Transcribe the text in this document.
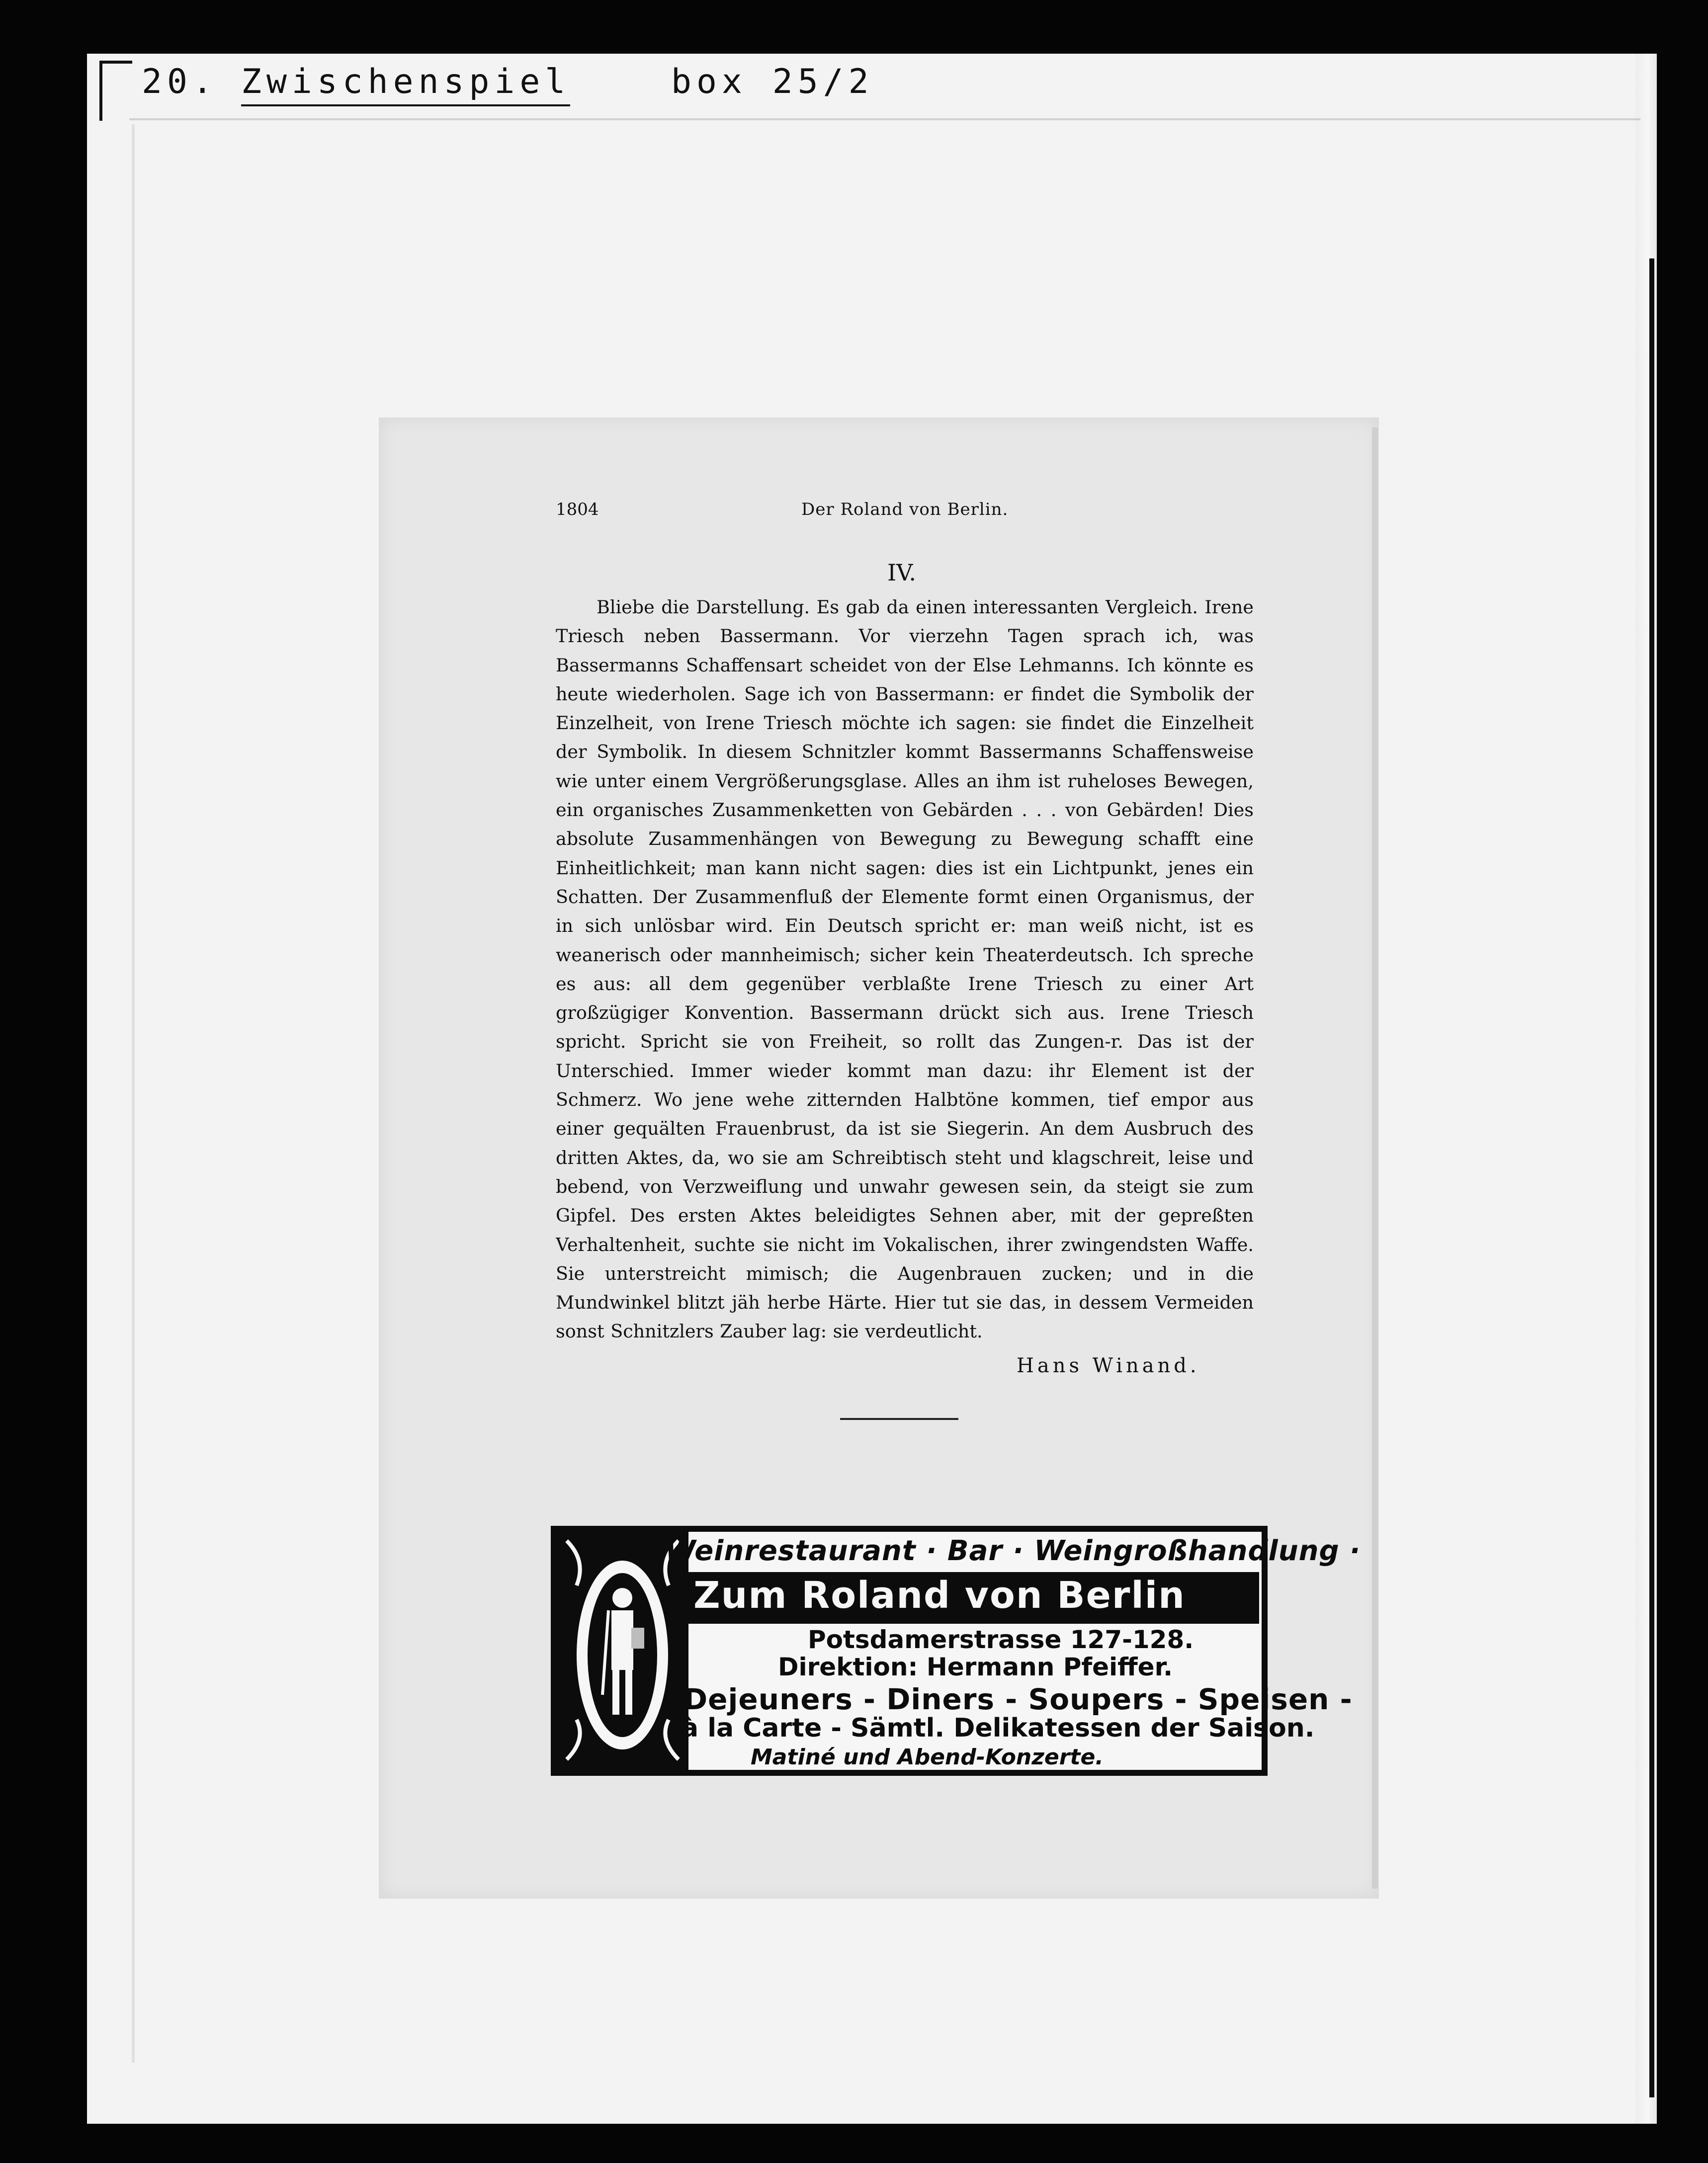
20. Zwischenspiel	box 25/2
1804	Der Roland von Berlin.
IV.

Bliebe die Darstellung. Es gab da einen interessanten Vergleich. Irene Triesch neben Bassermann. Vor vierzehn Tagen sprach ich, was Bassermanns Schaffensart scheidet von der Else Lehmanns. Ich könnte es heute wiederholen. Sage ich von Bassermann: er findet die Symbolik der Einzelheit, von Irene Triesch möchte ich sagen: sie findet die Einzelheit der Symbolik. In diesem Schnitzler kommt Bassermanns Schaffensweise wie unter einem Vergrößerungsglase. Alles an ihm ist ruheloses Bewegen, ein organisches Zusammenketten von Gebärden . . . von Gebärden! Dies absolute Zusammenhängen von Bewegung zu Bewegung schafft eine Einheitlichkeit; man kann nicht sagen: dies ist ein Lichtpunkt, jenes ein Schatten. Der Zusammenfluß der Elemente formt einen Organismus, der in sich unlösbar wird. Ein Deutsch spricht er: man weiß nicht, ist es weanerisch oder mannheimisch; sicher kein Theaterdeutsch. Ich spreche es aus: all dem gegenüber verblaßte Irene Triesch zu einer Art großzügiger Konvention. Bassermann drückt sich aus. Irene Triesch spricht. Spricht sie von Freiheit, so rollt das Zungen-r. Das ist der Unterschied. Immer wieder kommt man dazu: ihr Element ist der Schmerz. Wo jene wehe zitternden Halbtöne kommen, tief empor aus einer gequälten Frauenbrust, da ist sie Siegerin. An dem Ausbruch des dritten Aktes, da, wo sie am Schreibtisch steht und klagschreit, leise und bebend, von Verzweiflung und unwahr gewesen sein, da steigt sie zum Gipfel. Des ersten Aktes beleidigtes Sehnen aber, mit der gepreßten Verhaltenheit, suchte sie nicht im Vokalischen, ihrer zwingendsten Waffe. Sie unterstreicht mimisch; die Augenbrauen zucken; und in die Mundwinkel blitzt jäh herbe Härte. Hier tut sie das, in dessem Vermeiden sonst Schnitzlers Zauber lag: sie verdeutlicht.

Hans Winand.
Weinrestaurant · Bar · Weingroßhandlung ·
Zum Roland von Berlin
Potsdamerstrasse 127-128.
Direktion: Hermann Pfeiffer.
Dejeuners - Diners - Soupers - Speisen -
à la Carte - Sämtl. Delikatessen der Saison.
Matiné und Abend-Konzerte.
